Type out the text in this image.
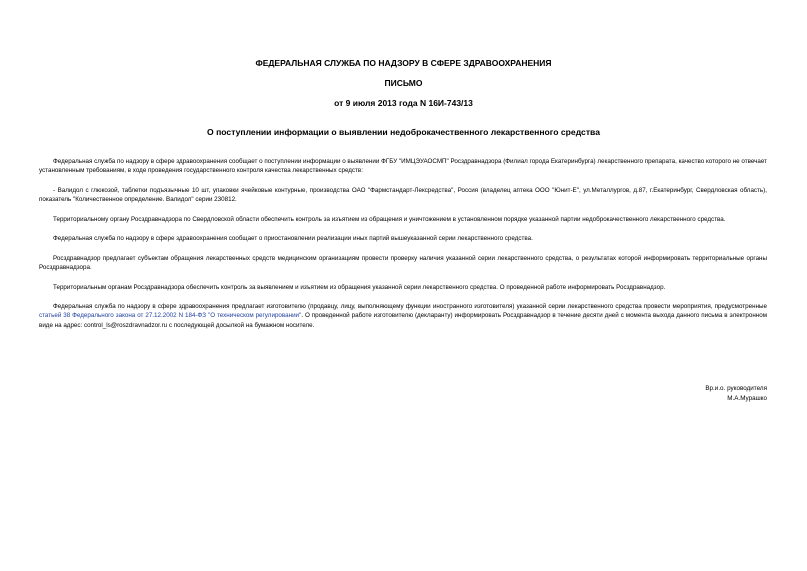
ФЕДЕРАЛЬНАЯ СЛУЖБА ПО НАДЗОРУ В СФЕРЕ ЗДРАВООХРАНЕНИЯ
ПИСЬМО
от 9 июля 2013 года N 16И-743/13
О поступлении информации о выявлении недоброкачественного лекарственного средства

Федеральная служба по надзору в сфере здравоохранения сообщает о поступлении информации о выявлении ФГБУ "ИМЦЭУАОСМП" Росздравнадзора (Филиал города Екатеринбурга) лекарственного препарата, качество которого не отвечает установленным требованиям, в ходе проведения государственного контроля качества лекарственных средств:

- Валидол с глюкозой, таблетки подъязычные 10 шт, упаковки ячейковые контурные, производства ОАО "Фармстандарт-Лексредства", Россия (владелец аптека ООО "Юнит-Е", ул.Металлургов, д.87, г.Екатеринбург, Свердловская область), показатель "Количественное определение. Валидол" серии 230812.

Территориальному органу Росздравнадзора по Свердловской области обеспечить контроль за изъятием из обращения и уничтожением в установленном порядке указанной партии недоброкачественного лекарственного средства.

Федеральная служба по надзору в сфере здравоохранения сообщает о приостановлении реализации иных партий вышеуказанной серии лекарственного средства.

Росздравнадзор предлагает субъектам обращения лекарственных средств медицинским организациям провести проверку наличия указанной серии лекарственного средства, о результатах которой информировать территориальные органы Росздравнадзора.

Территориальным органам Росздравнадзора обеспечить контроль за выявлением и изъятием из обращения указанной серии лекарственного средства. О проведенной работе информировать Росздравнадзор.

Федеральная служба по надзору в сфере здравоохранения предлагает изготовителю (продавцу, лицу, выполняющему функции иностранного изготовителя) указанной серии лекарственного средства провести мероприятия, предусмотренные статьей 38 Федерального закона от 27.12.2002 N 184-ФЗ "О техническом регулировании". О проведенной работе изготовителю (декларанту) информировать Росздравнадзор в течение десяти дней с момента выхода данного письма в электронном виде на адрес: control_ls@roszdravnadzor.ru с последующей досылкой на бумажном носителе.

Вр.и.о. руководителя
М.А.Мурашко
